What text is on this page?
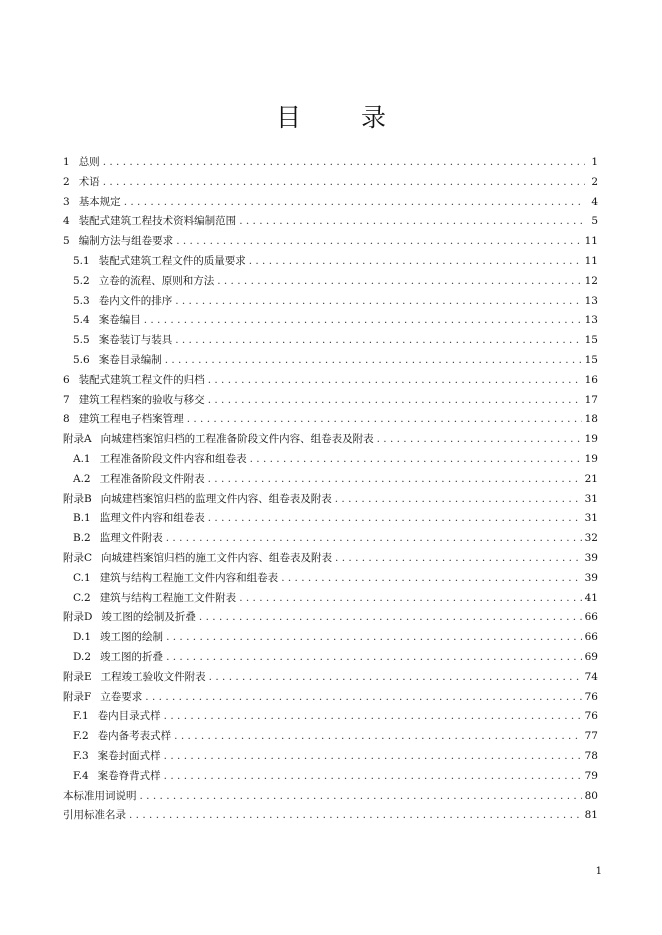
目 录
1 总则 . . .	1
2 术语 . . .	2
3 基本规定 . . .	4
4 装配式建筑工程技术资料编制范围 . . .	5
5 编制方法与组卷要求 . . .	11
5.1 装配式建筑工程文件的质量要求 . . .	11
5.2 立卷的流程、原则和方法 . . .	12
5.3 卷内文件的排序 . . .	13
5.4 案卷编目 . . .	13
5.5 案卷装订与装具 . . .	15
5.6 案卷目录编制 . . .	15
6 装配式建筑工程文件的归档 . . .	16
7 建筑工程档案的验收与移交 . . .	17
8 建筑工程电子档案管理 . . .	18
附录A 向城建档案馆归档的工程准备阶段文件内容、组卷表及附表 . . .	19
A.1 工程准备阶段文件内容和组卷表 . . .	19
A.2 工程准备阶段文件附表 . . .	21
附录B 向城建档案馆归档的监理文件内容、组卷表及附表 . . .	31
B.1 监理文件内容和组卷表 . . .	31
B.2 监理文件附表 . . .	32
附录C 向城建档案馆归档的施工文件内容、组卷表及附表 . . .	39
C.1 建筑与结构工程施工文件内容和组卷表 . . .	39
C.2 建筑与结构工程施工文件附表 . . .	41
附录D 竣工图的绘制及折叠 . . .	66
D.1 竣工图的绘制 . . .	66
D.2 竣工图的折叠 . . .	69
附录E 工程竣工验收文件附表 . . .	74
附录F 立卷要求 . . .	76
F.1 卷内目录式样 . . .	76
F.2 卷内备考表式样 . . .	77
F.3 案卷封面式样 . . .	78
F.4 案卷脊背式样 . . .	79
本标准用词说明 . . .	80
引用标准名录 . . .	81
1
